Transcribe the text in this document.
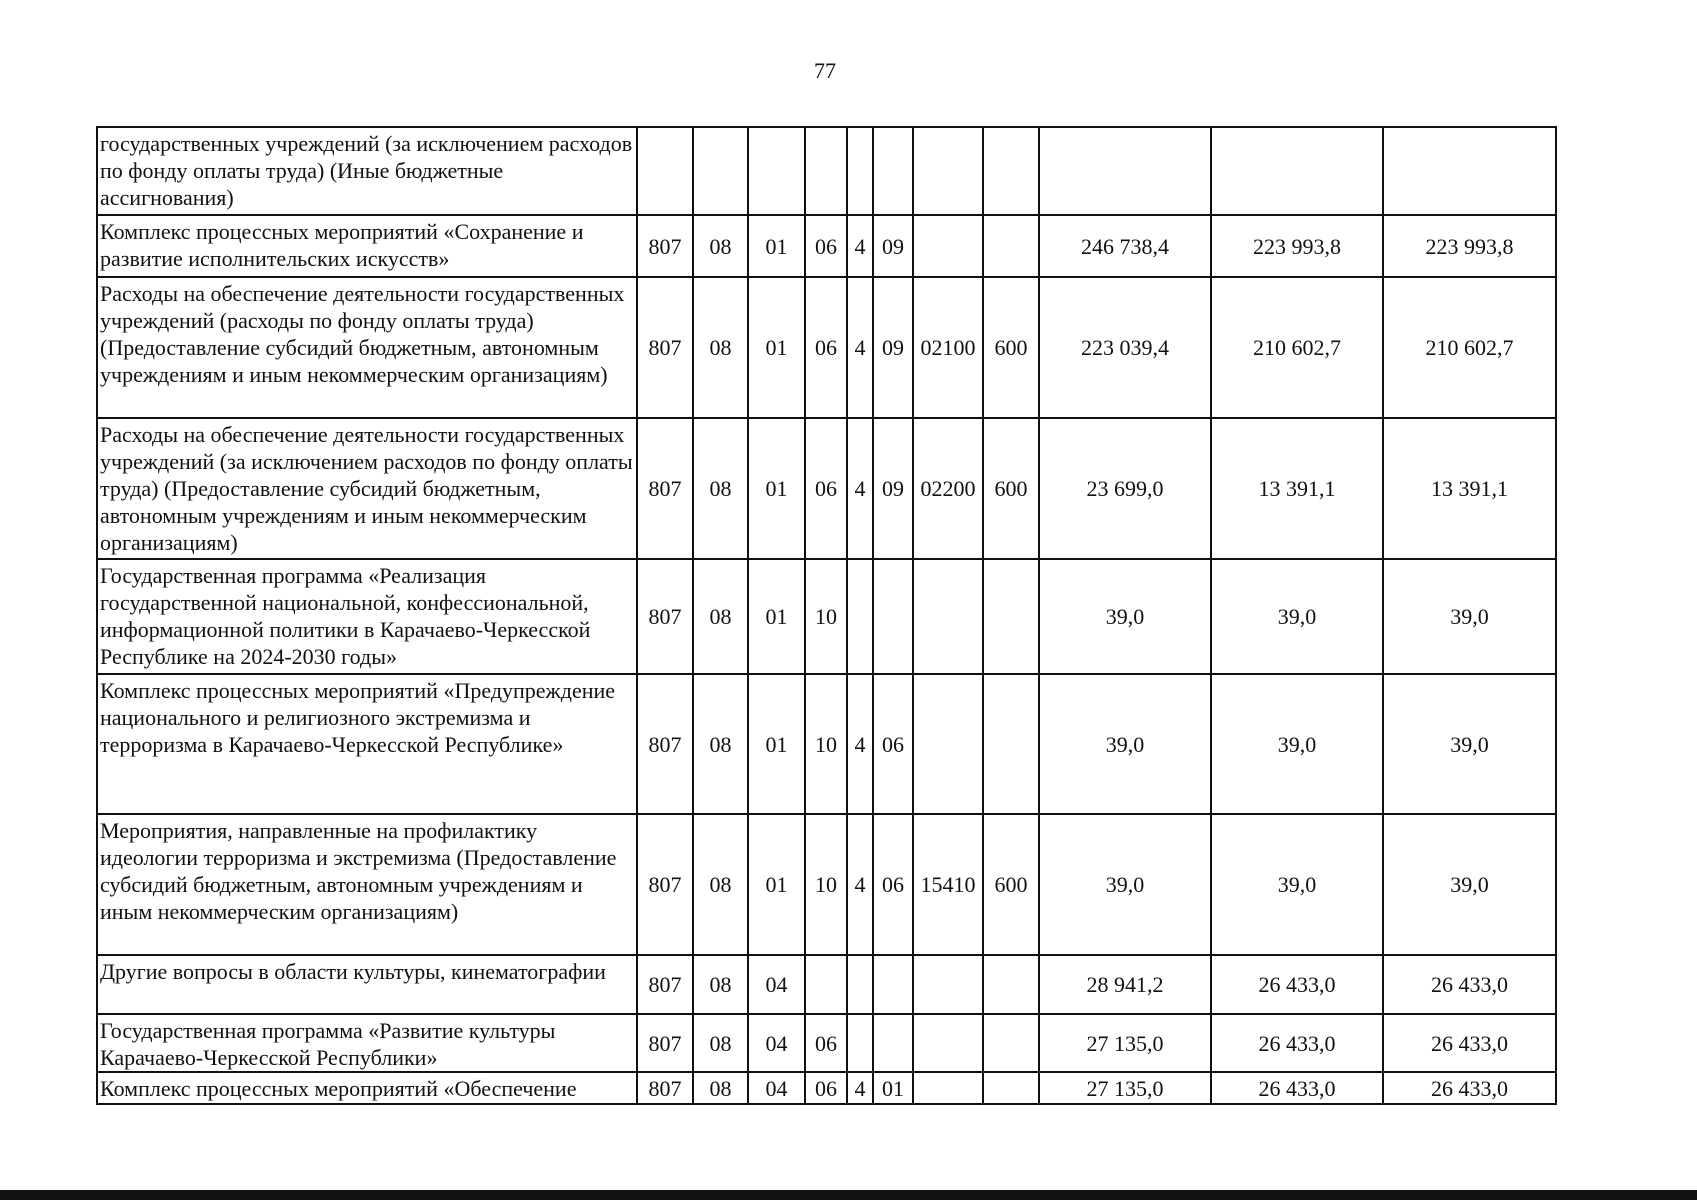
77
государственных учреждений (за исключением расходов по фонду оплаты труда) (Иные бюджетные ассигнования)											
Комплекс процессных мероприятий «Сохранение и развитие исполнительских искусств»	807	08	01	06	4	09			246 738,4	223 993,8	223 993,8
Расходы на обеспечение деятельности государственных учреждений (расходы по фонду оплаты труда) (Предоставление субсидий бюджетным, автономным учреждениям и иным некоммерческим организациям)	807	08	01	06	4	09	02100	600	223 039,4	210 602,7	210 602,7
Расходы на обеспечение деятельности государственных учреждений (за исключением расходов по фонду оплаты труда) (Предоставление субсидий бюджетным, автономным учреждениям и иным некоммерческим организациям)	807	08	01	06	4	09	02200	600	23 699,0	13 391,1	13 391,1
Государственная программа «Реализация государственной национальной, конфессиональной, информационной политики в Карачаево-Черкесской Республике на 2024-2030 годы»	807	08	01	10					39,0	39,0	39,0
Комплекс процессных мероприятий «Предупреждение национального и религиозного экстремизма и терроризма в Карачаево-Черкесской Республике»	807	08	01	10	4	06			39,0	39,0	39,0
Мероприятия, направленные на профилактику идеологии терроризма и экстремизма (Предоставление субсидий бюджетным, автономным учреждениям и иным некоммерческим организациям)	807	08	01	10	4	06	15410	600	39,0	39,0	39,0
Другие вопросы в области культуры, кинематографии	807	08	04						28 941,2	26 433,0	26 433,0
Государственная программа «Развитие культуры Карачаево-Черкесской Республики»	807	08	04	06					27 135,0	26 433,0	26 433,0
Комплекс процессных мероприятий «Обеспечение	807	08	04	06	4	01			27 135,0	26 433,0	26 433,0
